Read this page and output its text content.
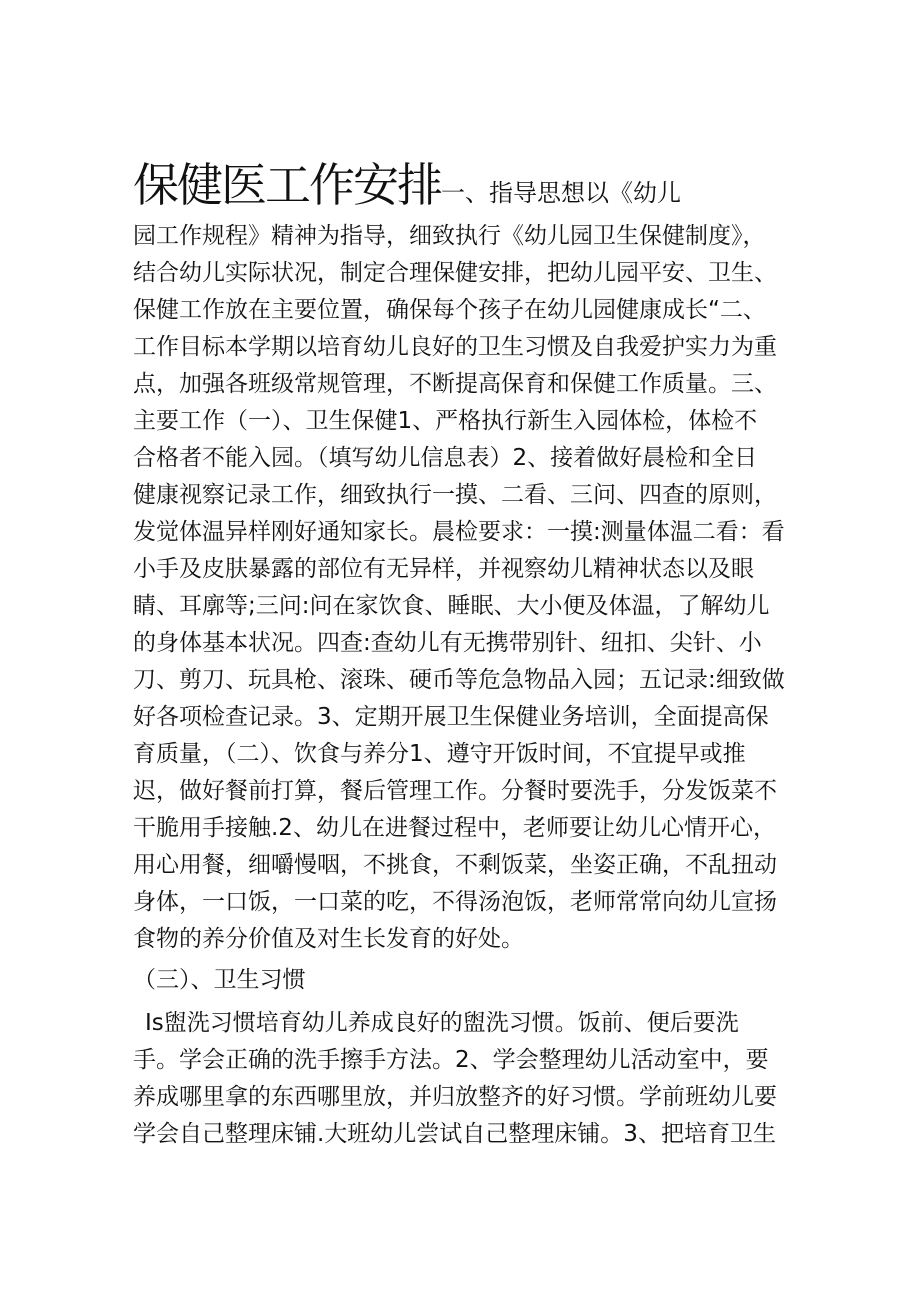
保健医工作安排一、指导思想以《幼儿
园工作规程》精神为指导，细致执行《幼儿园卫生保健制度》，
结合幼儿实际状况，制定合理保健安排，把幼儿园平安、卫生、
保健工作放在主要位置，确保每个孩子在幼儿园健康成长“二、
工作目标本学期以培育幼儿良好的卫生习惯及自我爱护实力为重
点，加强各班级常规管理，不断提高保育和保健工作质量。三、
主要工作（一）、卫生保健1、严格执行新生入园体检，体检不
合格者不能入园。（填写幼儿信息表）2、接着做好晨检和全日
健康视察记录工作，细致执行一摸、二看、三问、四查的原则，
发觉体温异样刚好通知家长。晨检要求：一摸:测量体温二看：看
小手及皮肤暴露的部位有无异样，并视察幼儿精神状态以及眼
睛、耳廓等;三问:问在家饮食、睡眠、大小便及体温，了解幼儿
的身体基本状况。四查:查幼儿有无携带别针、纽扣、尖针、小
刀、剪刀、玩具枪、滚珠、硬币等危急物品入园；五记录:细致做
好各项检查记录。3、定期开展卫生保健业务培训，全面提高保
育质量，（二）、饮食与养分1、遵守开饭时间，不宜提早或推
迟，做好餐前打算，餐后管理工作。分餐时要洗手，分发饭菜不
干脆用手接触.2、幼儿在进餐过程中，老师要让幼儿心情开心，
用心用餐，细嚼慢咽，不挑食，不剩饭菜，坐姿正确，不乱扭动
身体，一口饭，一口菜的吃，不得汤泡饭，老师常常向幼儿宣扬
食物的养分价值及对生长发育的好处。
（三）、卫生习惯
Is盥洗习惯培育幼儿养成良好的盥洗习惯。饭前、便后要洗
手。学会正确的洗手擦手方法。2、学会整理幼儿活动室中，要
养成哪里拿的东西哪里放，并归放整齐的好习惯。学前班幼儿要
学会自己整理床铺.大班幼儿尝试自己整理床铺。3、把培育卫生
